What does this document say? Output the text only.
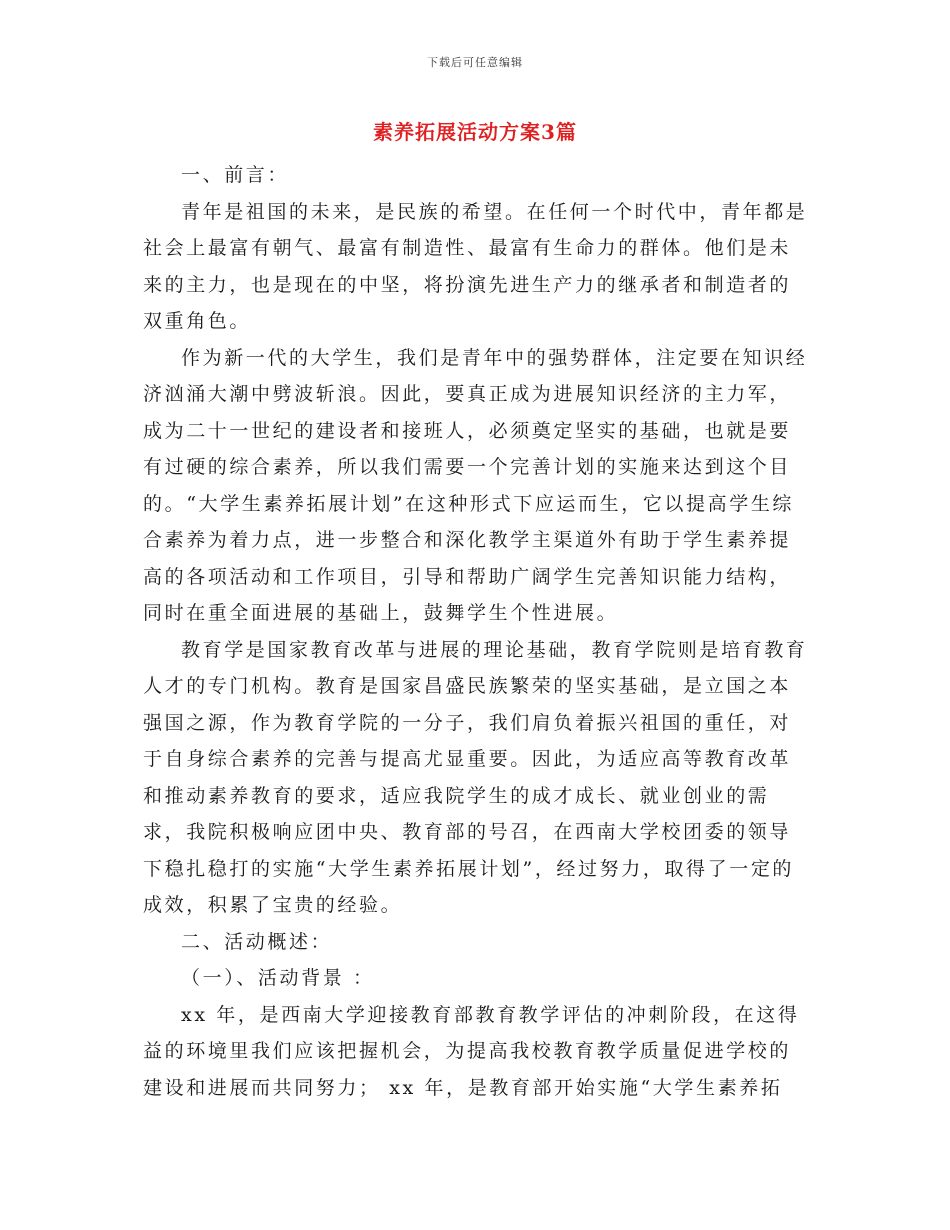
下载后可任意编辑
素养拓展活动方案3篇

一、前言：

青年是祖国的未来，是民族的希望。在任何一个时代中，青年都是社会上最富有朝气、最富有制造性、最富有生命力的群体。他们是未来的主力，也是现在的中坚，将扮演先进生产力的继承者和制造者的双重角色。

作为新一代的大学生，我们是青年中的强势群体，注定要在知识经济汹涌大潮中劈波斩浪。因此，要真正成为进展知识经济的主力军，成为二十一世纪的建设者和接班人，必须奠定坚实的基础，也就是要有过硬的综合素养，所以我们需要一个完善计划的实施来达到这个目的。“大学生素养拓展计划”在这种形式下应运而生，它以提高学生综合素养为着力点，进一步整合和深化教学主渠道外有助于学生素养提高的各项活动和工作项目，引导和帮助广阔学生完善知识能力结构，同时在重全面进展的基础上，鼓舞学生个性进展。

教育学是国家教育改革与进展的理论基础，教育学院则是培育教育人才的专门机构。教育是国家昌盛民族繁荣的坚实基础，是立国之本强国之源，作为教育学院的一分子，我们肩负着振兴祖国的重任，对于自身综合素养的完善与提高尤显重要。因此，为适应高等教育改革和推动素养教育的要求，适应我院学生的成才成长、就业创业的需求，我院积极响应团中央、教育部的号召，在西南大学校团委的领导下稳扎稳打的实施“大学生素养拓展计划”，经过努力，取得了一定的成效，积累了宝贵的经验。

二、活动概述：

（一）、活动背景 ：

xx 年，是西南大学迎接教育部教育教学评估的冲刺阶段，在这得益的环境里我们应该把握机会，为提高我校教育教学质量促进学校的建设和进展而共同努力； xx 年，是教育部开始实施“大学生素养拓
